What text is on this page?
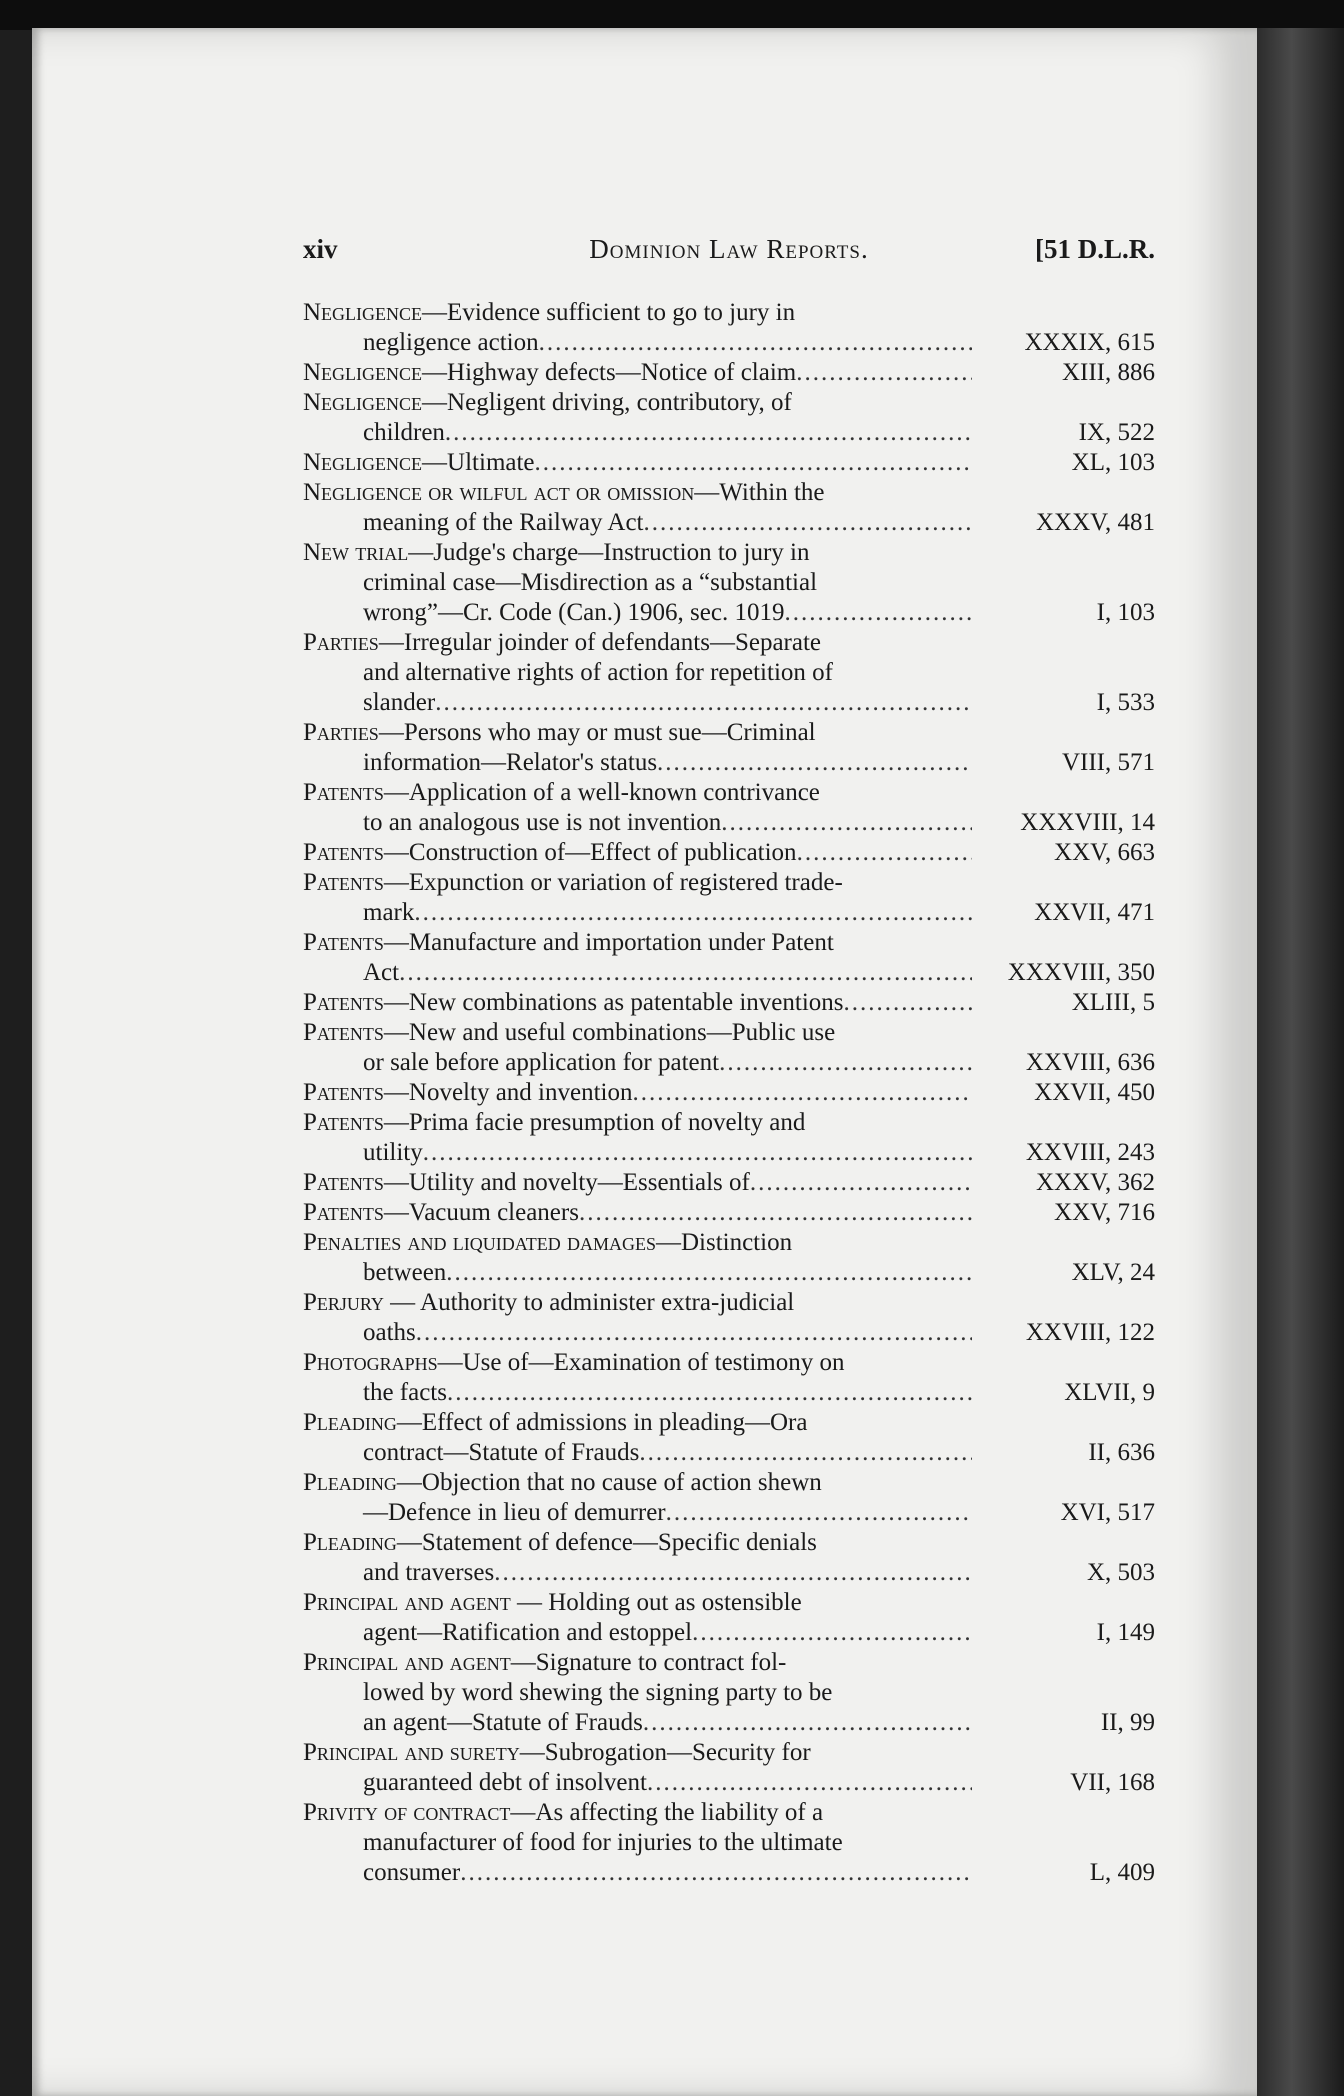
Dominion Law Reports.
xiv	[51 D.L.R.
Negligence—Evidence sufficient to go to jury in
negligence action .....	XXXIX, 615
Negligence—Highway defects—Notice of claim .....	XIII, 886
Negligence—Negligent driving, contributory, of
children .....	IX, 522
Negligence—Ultimate .....	XL, 103
Negligence or wilful act or omission—Within the
meaning of the Railway Act .....	XXXV, 481
New trial—Judge's charge—Instruction to jury in
criminal case—Misdirection as a “substantial
wrong”—Cr. Code (Can.) 1906, sec. 1019 .....	I, 103
Parties—Irregular joinder of defendants—Separate
and alternative rights of action for repetition of
slander .....	I, 533
Parties—Persons who may or must sue—Criminal
information—Relator's status .....	VIII, 571
Patents—Application of a well-known contrivance
to an analogous use is not invention .....	XXXVIII, 14
Patents—Construction of—Effect of publication .....	XXV, 663
Patents—Expunction or variation of registered trade-
mark .....	XXVII, 471
Patents—Manufacture and importation under Patent
Act .....	XXXVIII, 350
Patents—New combinations as patentable inventions .....	XLIII, 5
Patents—New and useful combinations—Public use
or sale before application for patent .....	XXVIII, 636
Patents—Novelty and invention .....	XXVII, 450
Patents—Prima facie presumption of novelty and
utility .....	XXVIII, 243
Patents—Utility and novelty—Essentials of .....	XXXV, 362
Patents—Vacuum cleaners .....	XXV, 716
Penalties and liquidated damages—Distinction
between .....	XLV, 24
Perjury — Authority to administer extra-judicial
oaths .....	XXVIII, 122
Photographs—Use of—Examination of testimony on
the facts .....	XLVII, 9
Pleading—Effect of admissions in pleading—Ora
contract—Statute of Frauds .....	II, 636
Pleading—Objection that no cause of action shewn
—Defence in lieu of demurrer .....	XVI, 517
Pleading—Statement of defence—Specific denials
and traverses .....	X, 503
Principal and agent — Holding out as ostensible
agent—Ratification and estoppel .....	I, 149
Principal and agent—Signature to contract fol-
lowed by word shewing the signing party to be
an agent—Statute of Frauds .....	II, 99
Principal and surety—Subrogation—Security for
guaranteed debt of insolvent .....	VII, 168
Privity of contract—As affecting the liability of a
manufacturer of food for injuries to the ultimate
consumer .....	L, 409
